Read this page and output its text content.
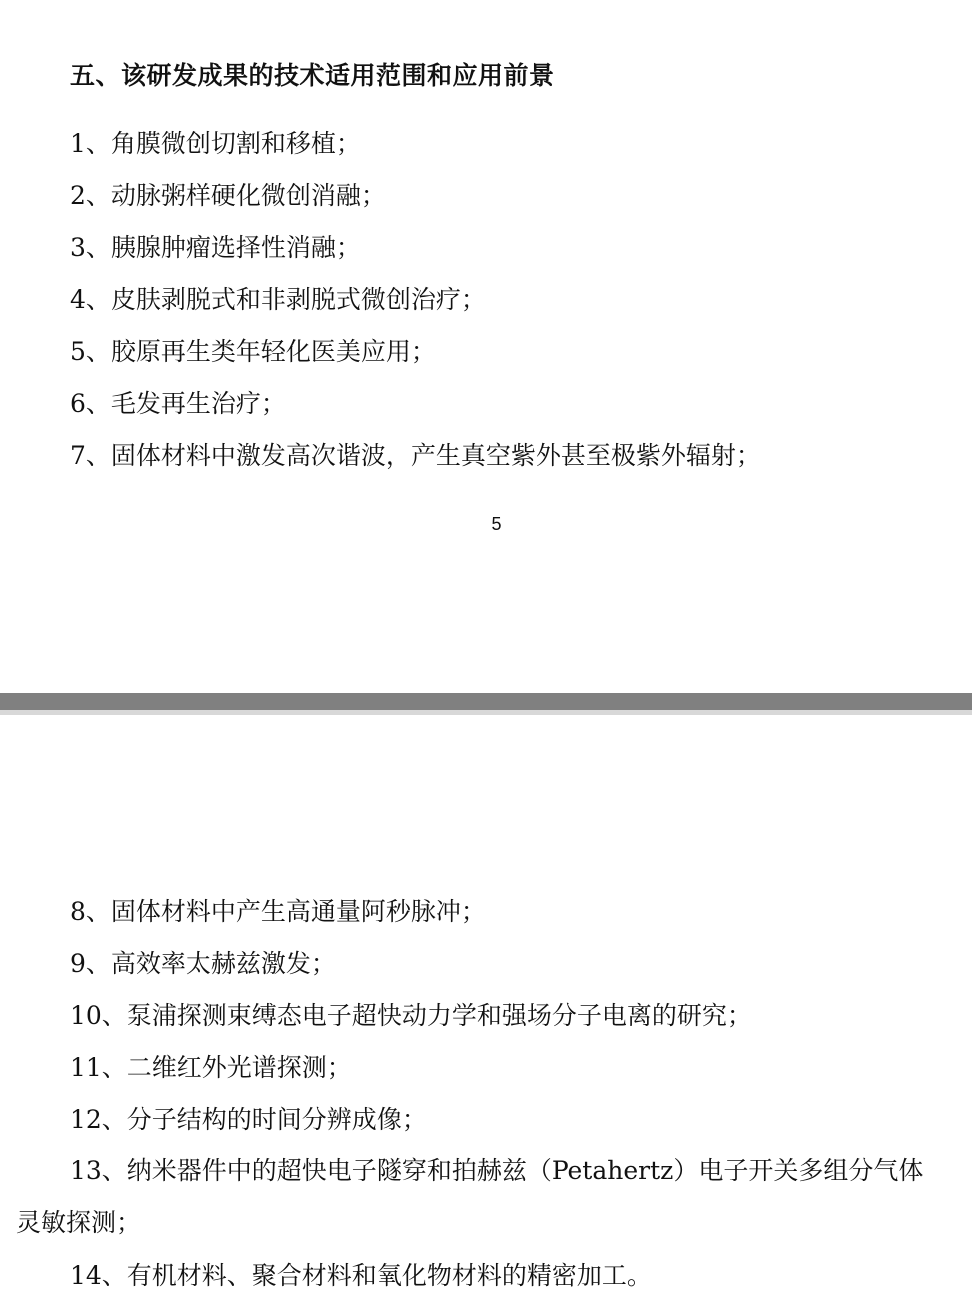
五、该研发成果的技术适用范围和应用前景
1、角膜微创切割和移植；
2、动脉粥样硬化微创消融；
3、胰腺肿瘤选择性消融；
4、皮肤剥脱式和非剥脱式微创治疗；
5、胶原再生类年轻化医美应用；
6、毛发再生治疗；
7、固体材料中激发高次谐波，产生真空紫外甚至极紫外辐射；
5
8、固体材料中产生高通量阿秒脉冲；
9、高效率太赫兹激发；
10、泵浦探测束缚态电子超快动力学和强场分子电离的研究；
11、二维红外光谱探测；
12、分子结构的时间分辨成像；
13、纳米器件中的超快电子隧穿和拍赫兹（Petahertz）电子开关多组分气体灵敏探测；
14、有机材料、聚合材料和氧化物材料的精密加工。
